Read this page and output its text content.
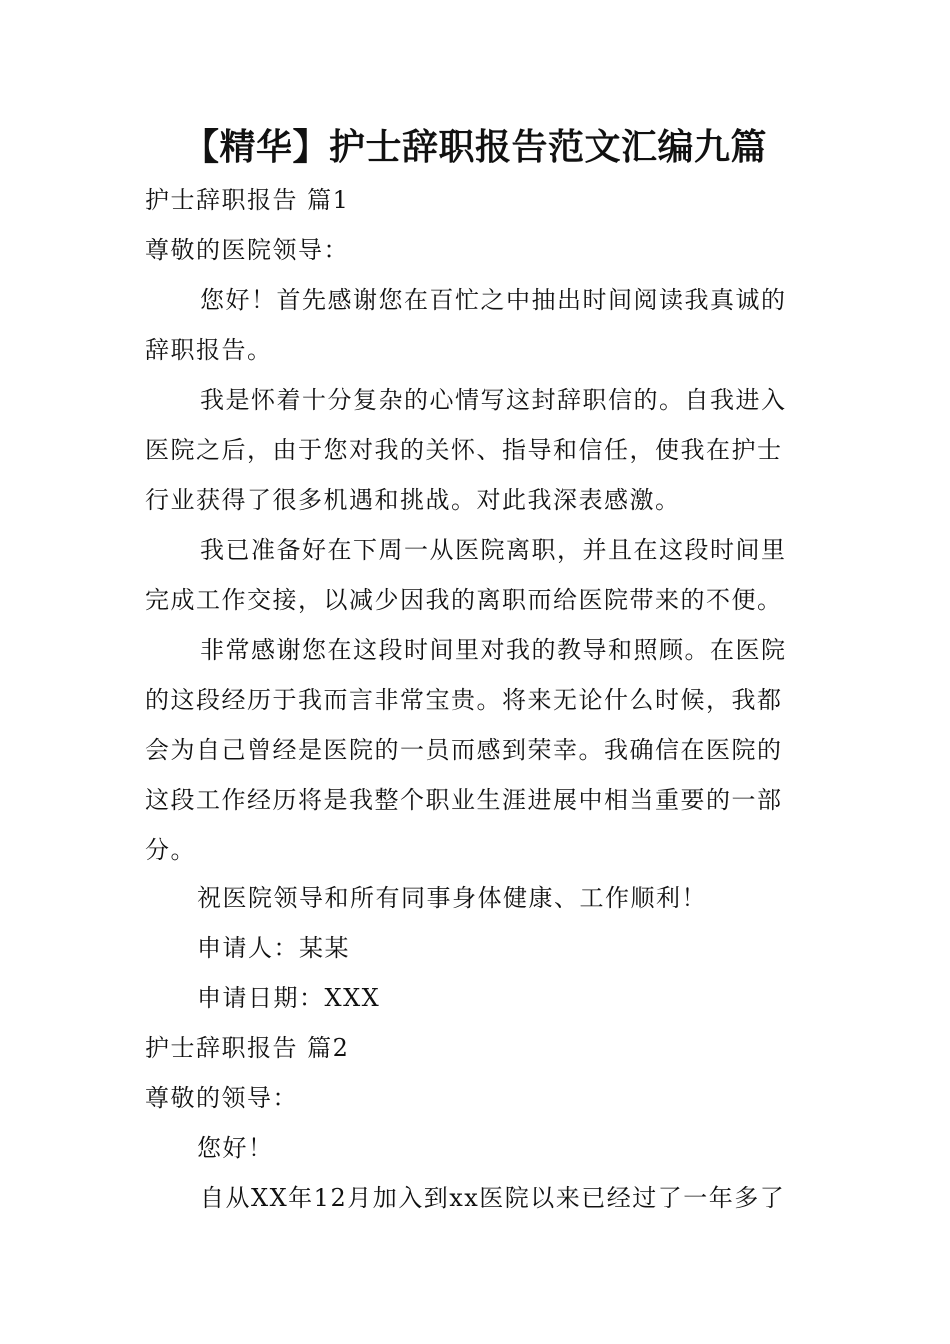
【精华】护士辞职报告范文汇编九篇
护士辞职报告 篇1
尊敬的医院领导：
您好！首先感谢您在百忙之中抽出时间阅读我真诚的
辞职报告。
我是怀着十分复杂的心情写这封辞职信的。自我进入
医院之后，由于您对我的关怀、指导和信任，使我在护士
行业获得了很多机遇和挑战。对此我深表感激。
我已准备好在下周一从医院离职，并且在这段时间里
完成工作交接，以减少因我的离职而给医院带来的不便。
非常感谢您在这段时间里对我的教导和照顾。在医院
的这段经历于我而言非常宝贵。将来无论什么时候，我都
会为自己曾经是医院的一员而感到荣幸。我确信在医院的
这段工作经历将是我整个职业生涯进展中相当重要的一部
分。
祝医院领导和所有同事身体健康、工作顺利！
申请人：某某
申请日期：XXX
护士辞职报告 篇2
尊敬的领导：
您好！
自从XX年12月加入到xx医院以来已经过了一年多了
